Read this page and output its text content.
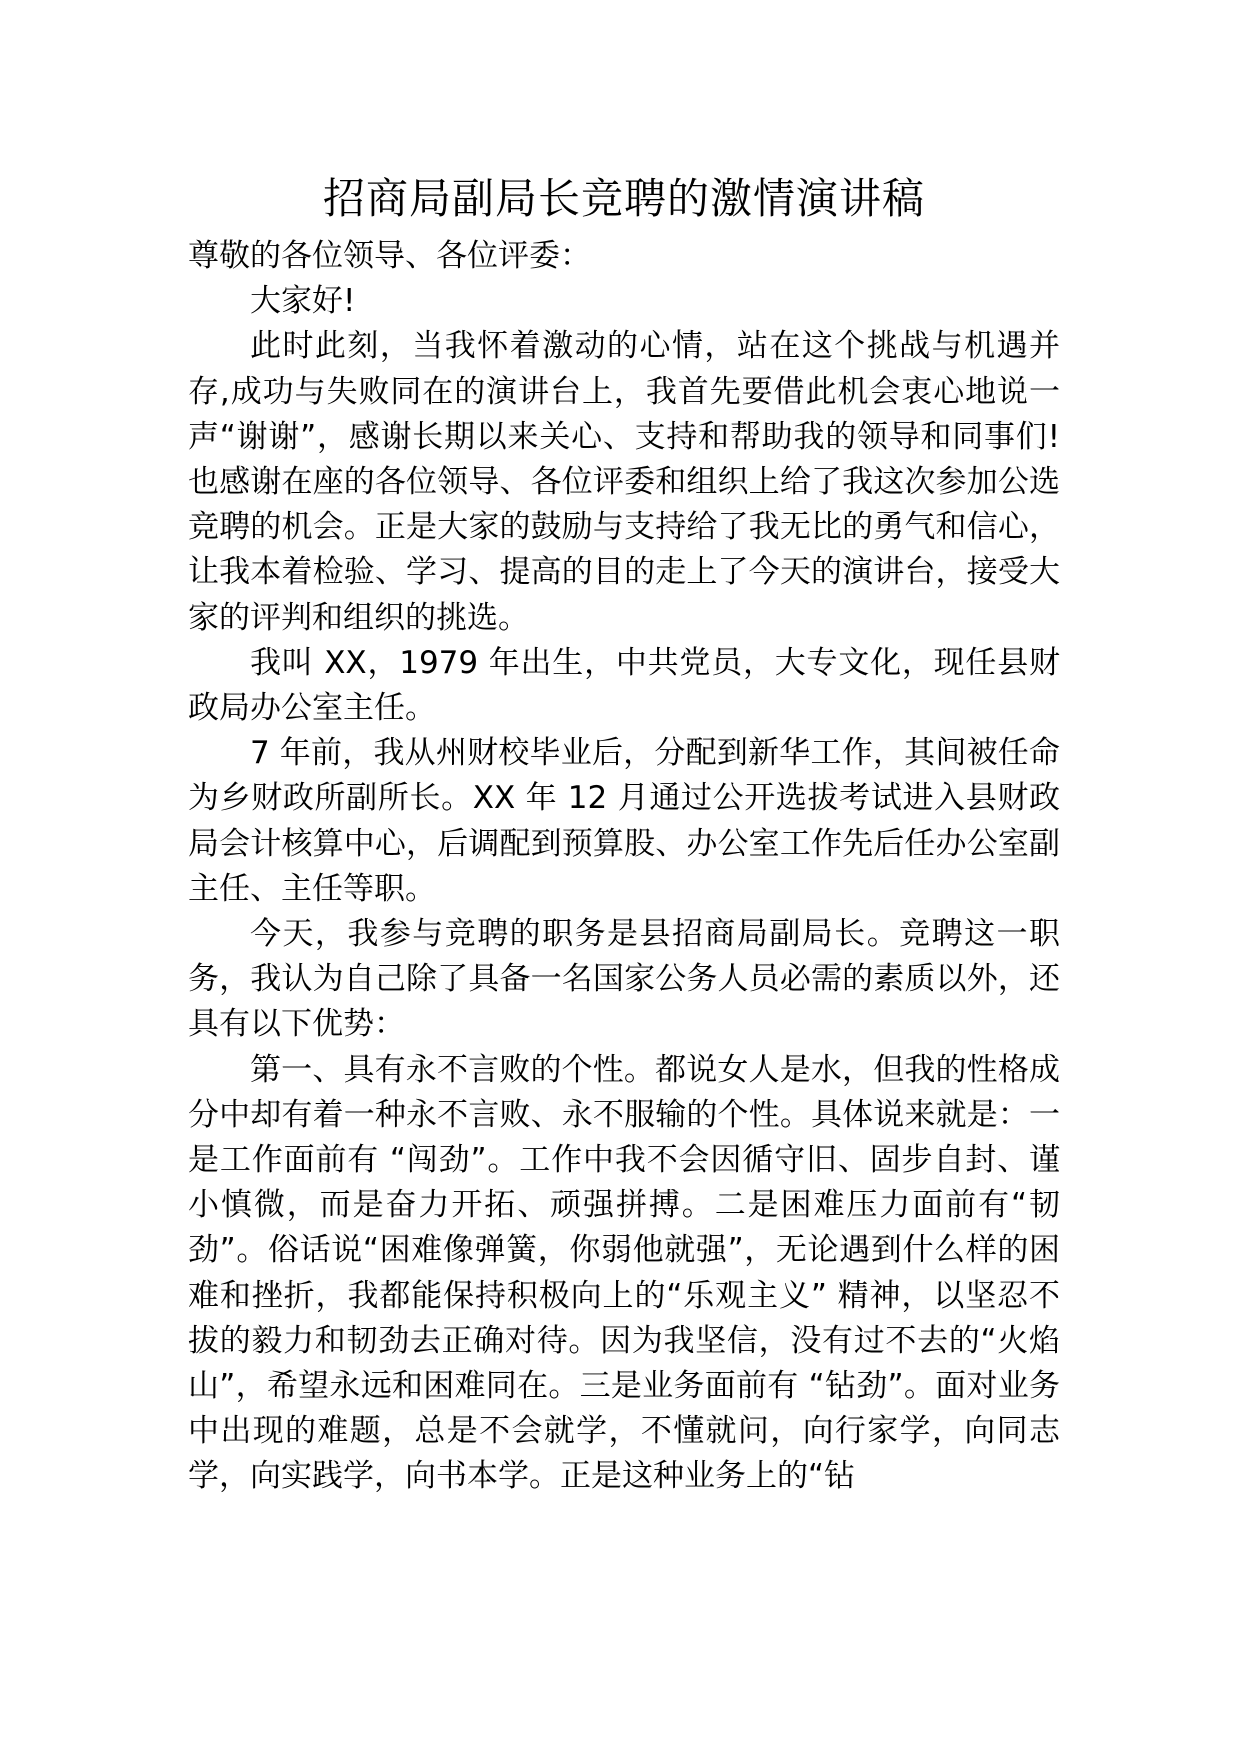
招商局副局长竞聘的激情演讲稿

尊敬的各位领导、各位评委：

大家好!

此时此刻，当我怀着激动的心情，站在这个挑战与机遇并存,成功与失败同在的演讲台上，我首先要借此机会衷心地说一声“谢谢”，感谢长期以来关心、支持和帮助我的领导和同事们!也感谢在座的各位领导、各位评委和组织上给了我这次参加公选竞聘的机会。正是大家的鼓励与支持给了我无比的勇气和信心，让我本着检验、学习、提高的目的走上了今天的演讲台，接受大家的评判和组织的挑选。

我叫 XX，1979 年出生，中共党员，大专文化，现任县财政局办公室主任。

7 年前，我从州财校毕业后，分配到新华工作，其间被任命为乡财政所副所长。XX 年 12 月通过公开选拔考试进入县财政局会计核算中心，后调配到预算股、办公室工作先后任办公室副主任、主任等职。

今天，我参与竞聘的职务是县招商局副局长。竞聘这一职务，我认为自己除了具备一名国家公务人员必需的素质以外，还具有以下优势：

第一、具有永不言败的个性。都说女人是水，但我的性格成分中却有着一种永不言败、永不服输的个性。具体说来就是：一是工作面前有 “闯劲”。工作中我不会因循守旧、固步自封、谨小慎微，而是奋力开拓、顽强拼搏。二是困难压力面前有“韧劲”。俗话说“困难像弹簧，你弱他就强”，无论遇到什么样的困难和挫折，我都能保持积极向上的“乐观主义” 精神，以坚忍不拔的毅力和韧劲去正确对待。因为我坚信，没有过不去的“火焰山”，希望永远和困难同在。三是业务面前有 “钻劲”。面对业务中出现的难题，总是不会就学，不懂就问，向行家学，向同志学，向实践学，向书本学。正是这种业务上的“钻
